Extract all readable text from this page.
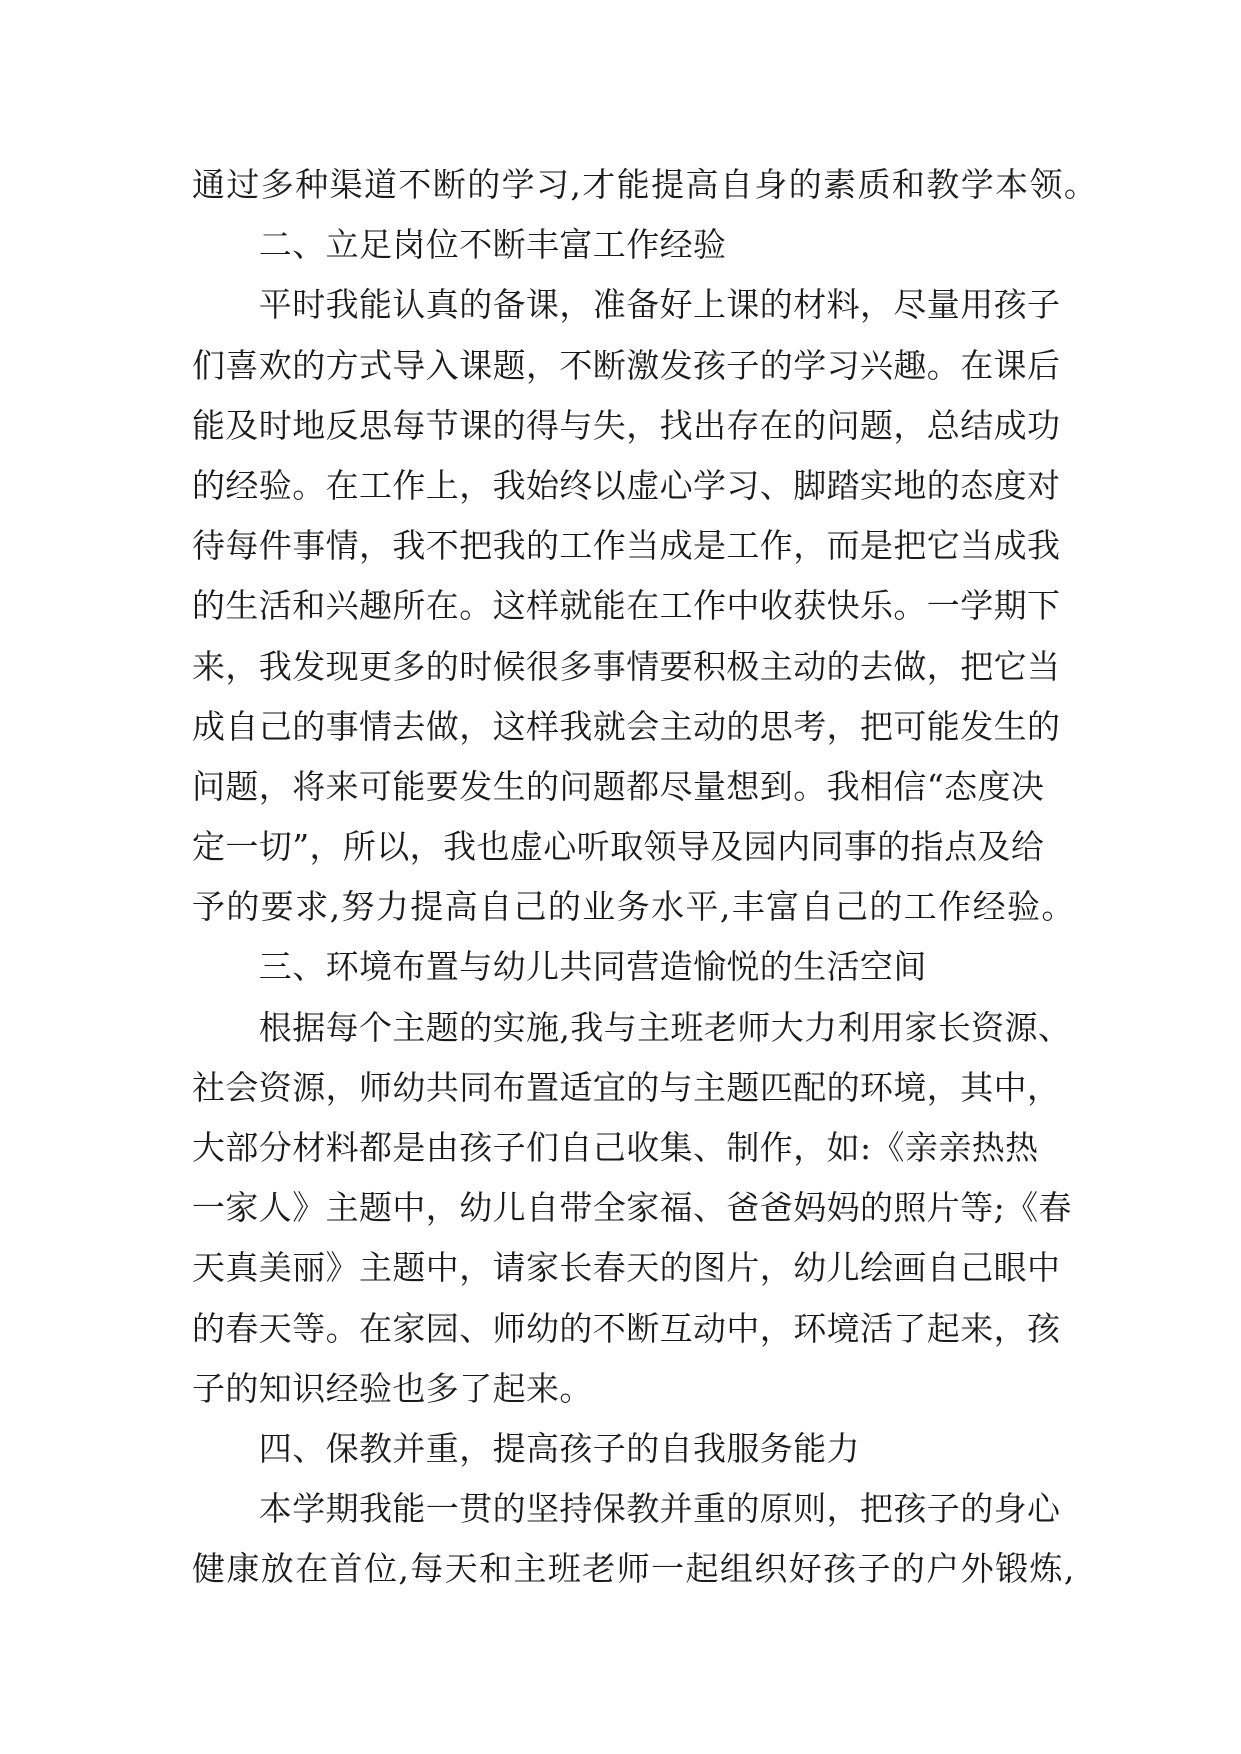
通过多种渠道不断的学习,才能提高自身的素质和教学本领。
　　二、立足岗位不断丰富工作经验
　　平时我能认真的备课，准备好上课的材料，尽量用孩子
们喜欢的方式导入课题，不断激发孩子的学习兴趣。在课后
能及时地反思每节课的得与失，找出存在的问题，总结成功
的经验。在工作上，我始终以虚心学习、脚踏实地的态度对
待每件事情，我不把我的工作当成是工作，而是把它当成我
的生活和兴趣所在。这样就能在工作中收获快乐。一学期下
来，我发现更多的时候很多事情要积极主动的去做，把它当
成自己的事情去做，这样我就会主动的思考，把可能发生的
问题，将来可能要发生的问题都尽量想到。我相信“态度决
定一切”，所以，我也虚心听取领导及园内同事的指点及给
予的要求,努力提高自己的业务水平,丰富自己的工作经验。
　　三、环境布置与幼儿共同营造愉悦的生活空间
　　根据每个主题的实施,我与主班老师大力利用家长资源、
社会资源，师幼共同布置适宜的与主题匹配的环境，其中，
大部分材料都是由孩子们自己收集、制作，如:《亲亲热热
一家人》主题中，幼儿自带全家福、爸爸妈妈的照片等;《春
天真美丽》主题中，请家长春天的图片，幼儿绘画自己眼中
的春天等。在家园、师幼的不断互动中，环境活了起来，孩
子的知识经验也多了起来。
　　四、保教并重，提高孩子的自我服务能力
　　本学期我能一贯的坚持保教并重的原则，把孩子的身心
健康放在首位,每天和主班老师一起组织好孩子的户外锻炼,
